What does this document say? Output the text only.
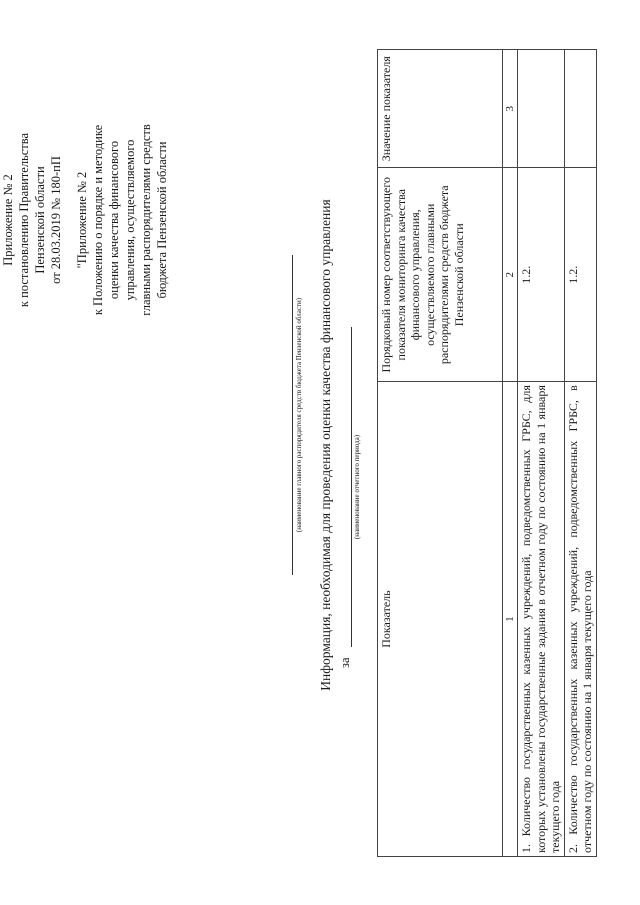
Приложение № 2 к постановлению Правительства Пензенской области от 28.03.2019 № 180-пП "Приложение № 2 к Положению о порядке и методике оценки качества финансового управления, осуществляемого главными распорядителями средств бюджета Пензенской области
(наименование главного распорядителя средств бюджета Пензенской области) Информация, необходимая для проведения оценки качества финансового управления за
(наименование отчетного периода)
Показатель	Порядковый номер соответствующего показателя мониторинга качества финансового управления, осуществляемого главными распорядителями средств бюджета Пензенской области	Значение показателя
1	2	3
1. Количество государственных казенных учреждений, подведомственных ГРБС, для которых установлены государственные задания в отчетном году по состоянию на 1 января текущего года	1.2.	
2. Количество государственных казенных учреждений, подведомственных ГРБС, в отчетном году по состоянию на 1 января текущего года	1.2.	
